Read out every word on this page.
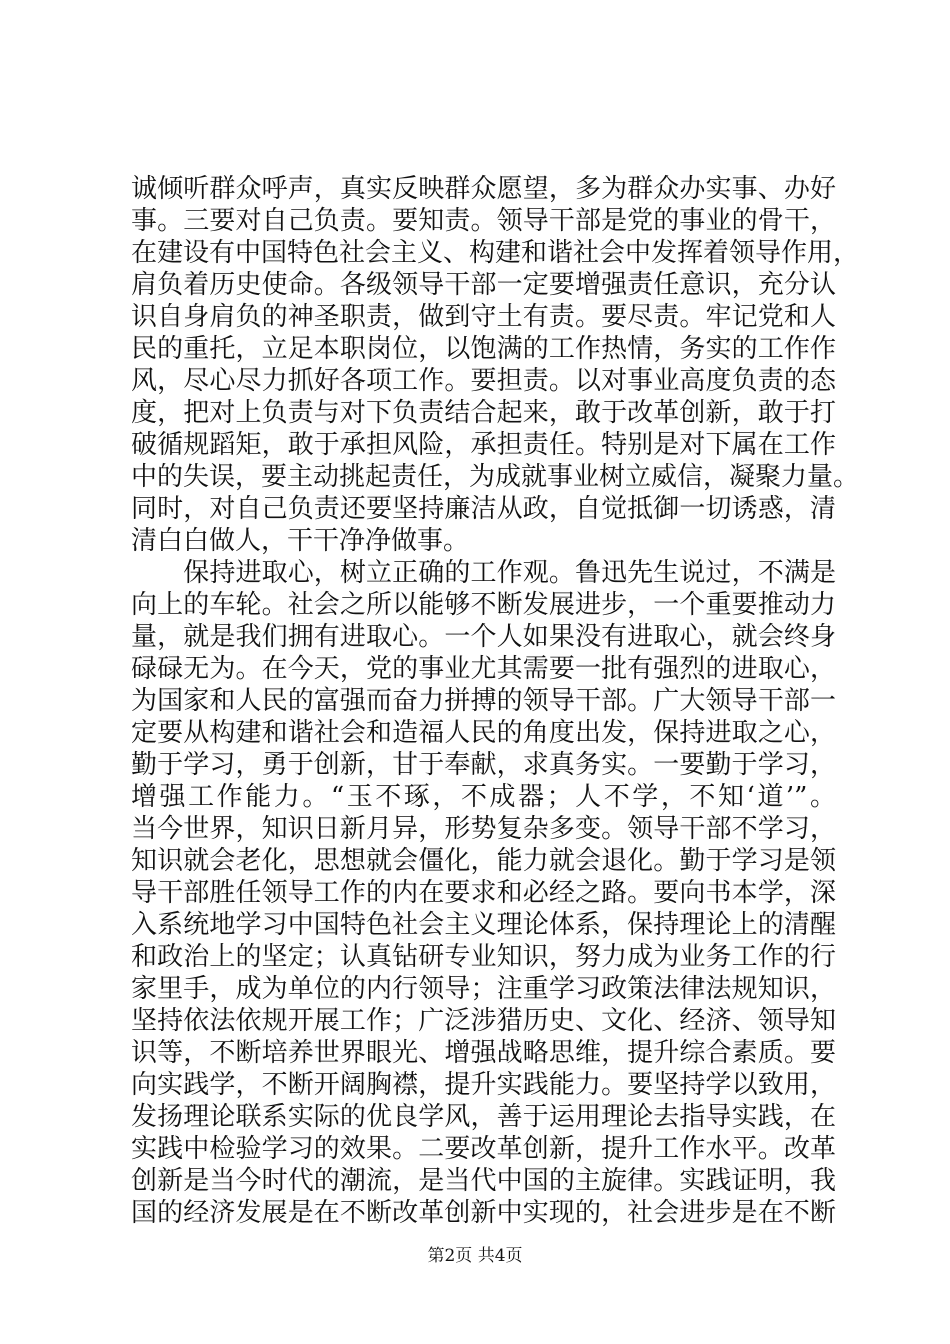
诚倾听群众呼声，真实反映群众愿望，多为群众办实事、办好
事。三要对自己负责。要知责。领导干部是党的事业的骨干，
在建设有中国特色社会主义、构建和谐社会中发挥着领导作用，
肩负着历史使命。各级领导干部一定要增强责任意识，充分认
识自身肩负的神圣职责，做到守土有责。要尽责。牢记党和人
民的重托，立足本职岗位，以饱满的工作热情，务实的工作作
风，尽心尽力抓好各项工作。要担责。以对事业高度负责的态
度，把对上负责与对下负责结合起来，敢于改革创新，敢于打
破循规蹈矩，敢于承担风险，承担责任。特别是对下属在工作
中的失误，要主动挑起责任，为成就事业树立威信，凝聚力量。
同时，对自己负责还要坚持廉洁从政，自觉抵御一切诱惑，清
清白白做人，干干净净做事。
　　保持进取心，树立正确的工作观。鲁迅先生说过，不满是
向上的车轮。社会之所以能够不断发展进步，一个重要推动力
量，就是我们拥有进取心。一个人如果没有进取心，就会终身
碌碌无为。在今天，党的事业尤其需要一批有强烈的进取心，
为国家和人民的富强而奋力拼搏的领导干部。广大领导干部一
定要从构建和谐社会和造福人民的角度出发，保持进取之心，
勤于学习，勇于创新，甘于奉献，求真务实。一要勤于学习，
增强工作能力。“玉不琢，不成器；人不学，不知‘道’”。
当今世界，知识日新月异，形势复杂多变。领导干部不学习，
知识就会老化，思想就会僵化，能力就会退化。勤于学习是领
导干部胜任领导工作的内在要求和必经之路。要向书本学，深
入系统地学习中国特色社会主义理论体系，保持理论上的清醒
和政治上的坚定；认真钻研专业知识，努力成为业务工作的行
家里手，成为单位的内行领导；注重学习政策法律法规知识，
坚持依法依规开展工作；广泛涉猎历史、文化、经济、领导知
识等，不断培养世界眼光、增强战略思维，提升综合素质。要
向实践学，不断开阔胸襟，提升实践能力。要坚持学以致用，
发扬理论联系实际的优良学风，善于运用理论去指导实践，在
实践中检验学习的效果。二要改革创新，提升工作水平。改革
创新是当今时代的潮流，是当代中国的主旋律。实践证明，我
国的经济发展是在不断改革创新中实现的，社会进步是在不断
第2页 共4页
